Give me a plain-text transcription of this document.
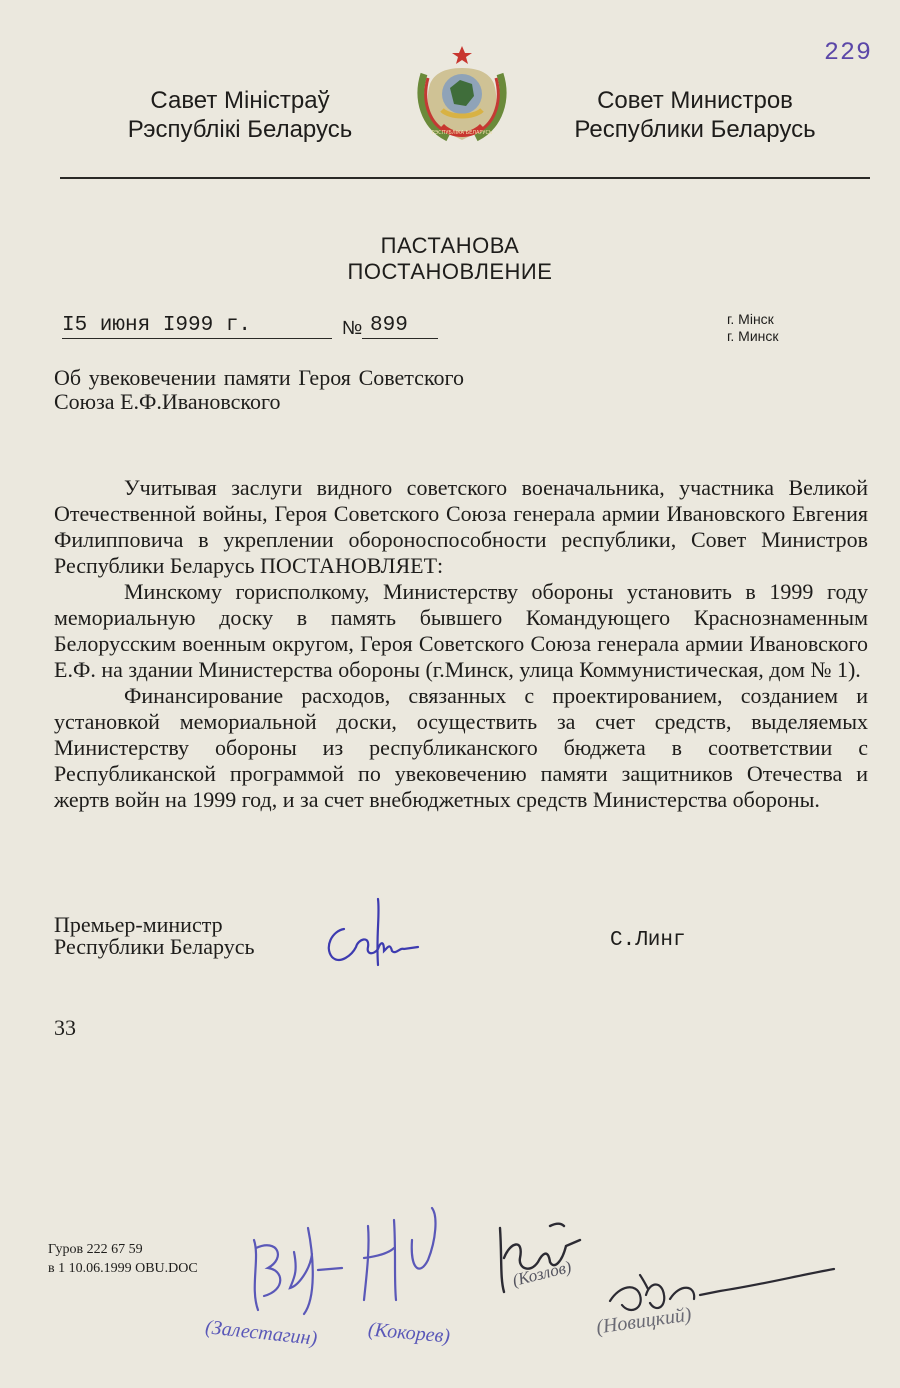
229
Савет Міністраў
Рэспублікі Беларусь	РЭСПУБЛІКА БЕЛАРУСЬ
Совет Министров
Республики Беларусь
ПАСТАНОВА
ПОСТАНОВЛЕНИЕ
I5 июня I999 г.	№ 899	г. Мінск
г. Минск
Об увековечении памяти Героя Советского Союза Е.Ф.Ивановского

Учитывая заслуги видного советского военачальника, участника Великой Отечественной войны, Героя Советского Союза генерала армии Ивановского Евгения Филипповича в укреплении обороноспособности республики, Совет Министров Республики Беларусь ПОСТАНОВЛЯЕТ:

Минскому горисполкому, Министерству обороны установить в 1999 году мемориальную доску в память бывшего Командующего Краснознаменным Белорусским военным округом, Героя Советского Союза генерала армии Ивановского Е.Ф. на здании Министерства обороны (г.Минск, улица Коммунистическая, дом № 1).

Финансирование расходов, связанных с проектированием, созданием и установкой мемориальной доски, осуществить за счет средств, выделяемых Министерству обороны из республиканского бюджета в соответствии с Республиканской программой по увековечению памяти защитников Отечества и жертв войн на 1999 год, и за счет внебюджетных средств Министерства обороны.

Премьер-министр
Республики Беларусь	С.Линг
33
Гуров 222 67 59
в 1 10.06.1999 OBU.DOC
(Залестагин) (Кокорев)
(Козлов)
(Новицкий)
